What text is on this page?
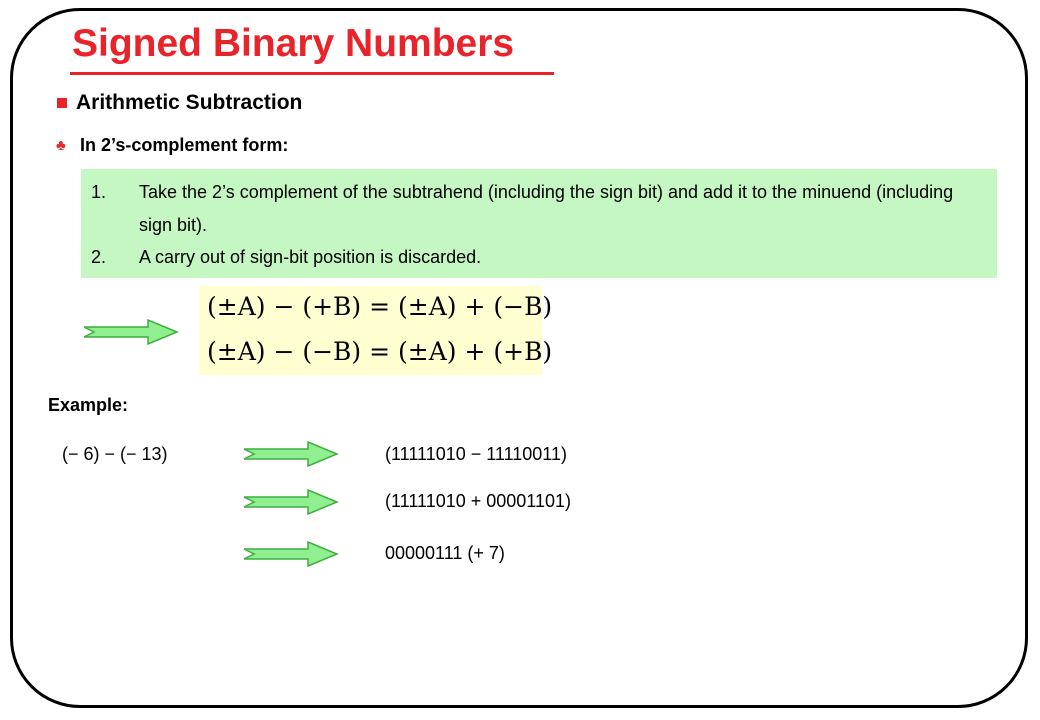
Signed Binary Numbers
Arithmetic Subtraction
♣ In 2’s-complement form:
1. Take the 2’s complement of the subtrahend (including the sign bit) and add it to the minuend (including sign bit).
2. A carry out of sign-bit position is discarded.
(±A) − (+B) = (±A) + (−B)
(±A) − (−B) = (±A) + (+B)
Example:
(− 6) − (− 13)	(11111010 − 11110011)
(11111010 + 00001101)
00000111 (+ 7)
